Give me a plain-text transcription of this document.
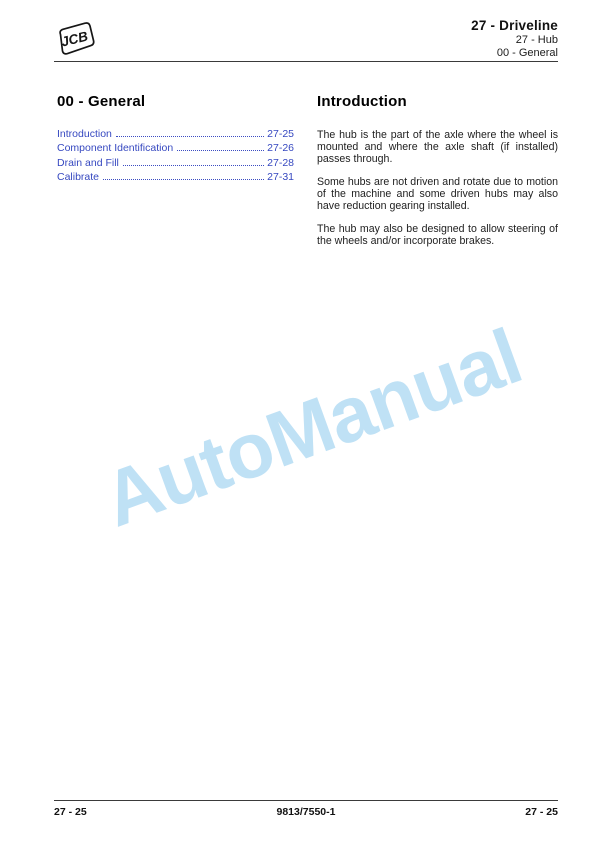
AutoManual
JCB
27 - Driveline
27 - Hub
00 - General
00 - General
Introduction	27-25
Component Identification	27-26
Drain and Fill	27-28
Calibrate	27-31
Introduction

The hub is the part of the axle where the wheel is mounted and where the axle shaft (if installed) passes through.

Some hubs are not driven and rotate due to motion of the machine and some driven hubs may also have reduction gearing installed.

The hub may also be designed to allow steering of the wheels and/or incorporate brakes.

27 - 25	9813/7550-1	27 - 25
